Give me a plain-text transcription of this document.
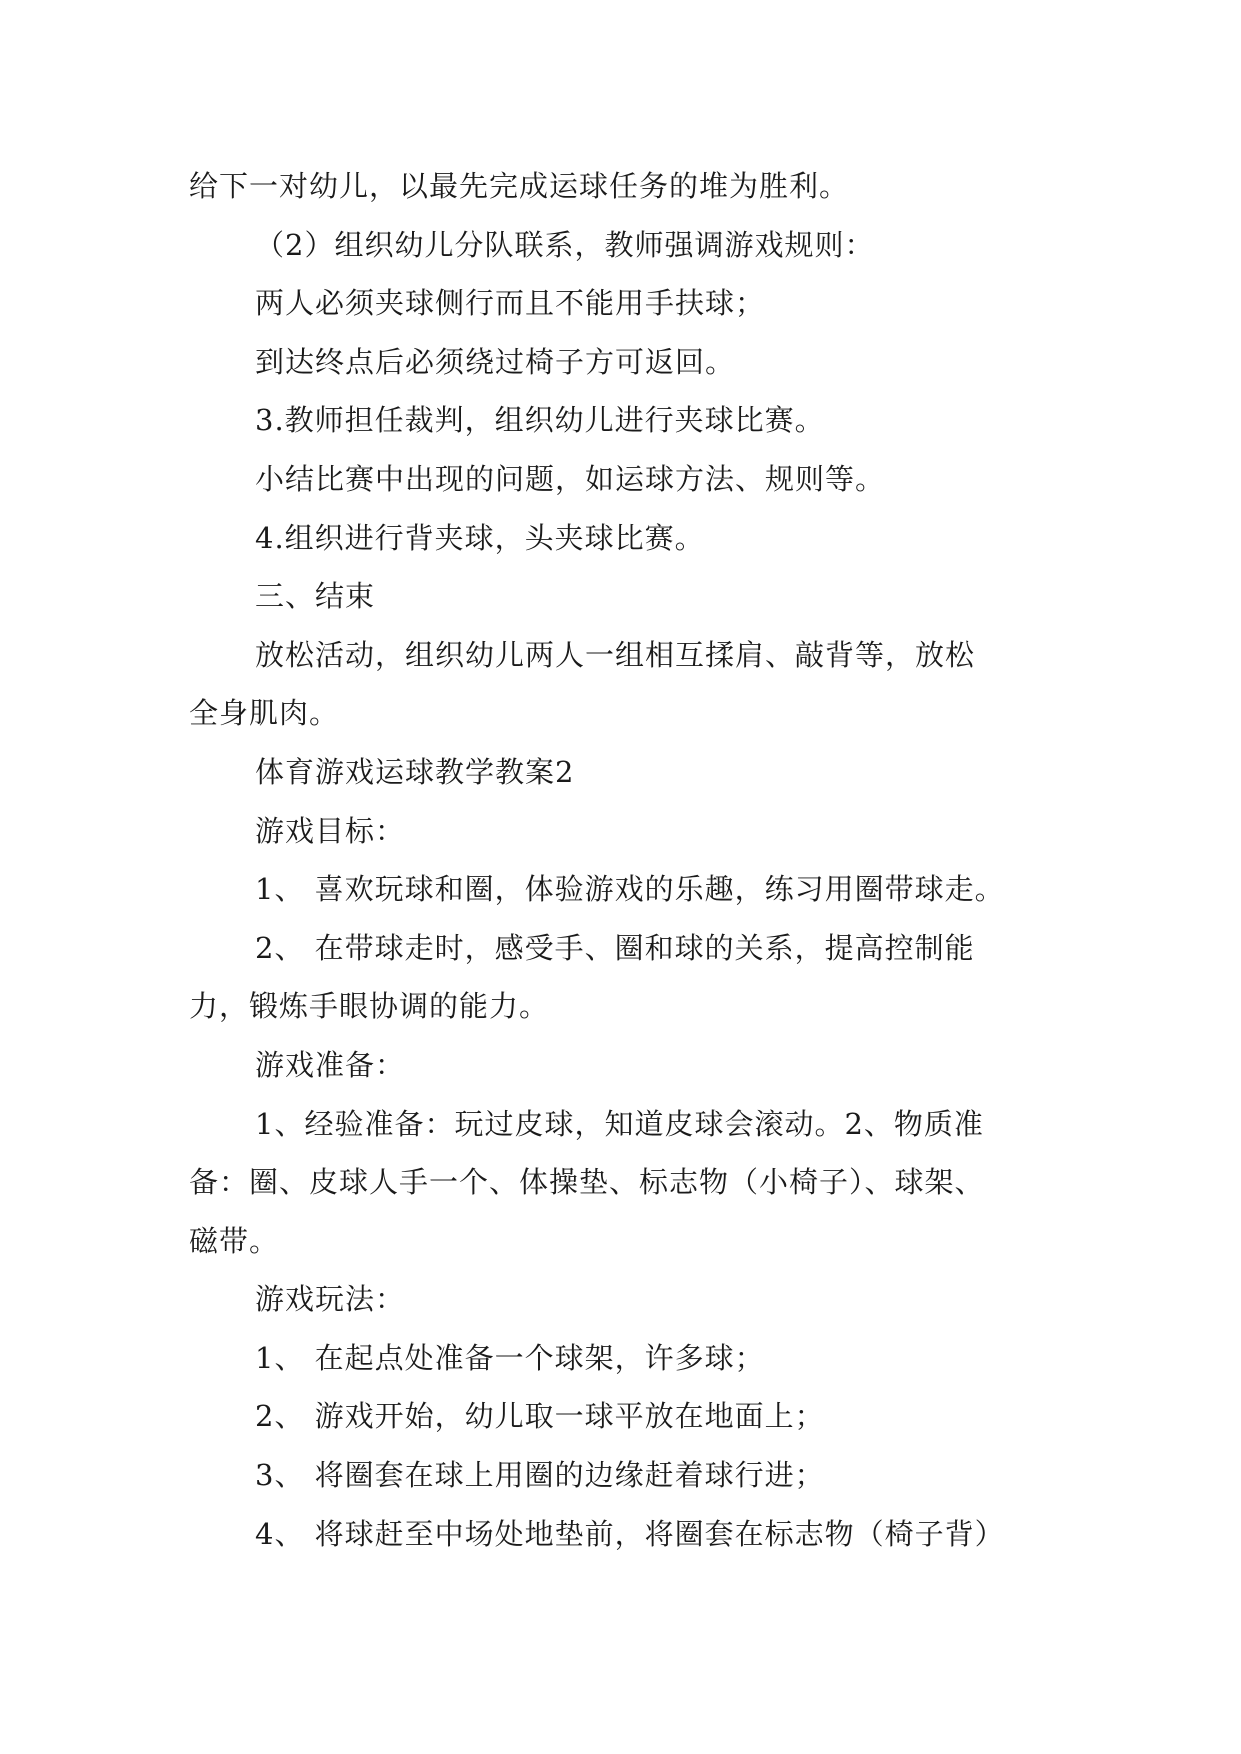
给下一对幼儿，以最先完成运球任务的堆为胜利。
（2）组织幼儿分队联系，教师强调游戏规则：
两人必须夹球侧行而且不能用手扶球；
到达终点后必须绕过椅子方可返回。
3.教师担任裁判，组织幼儿进行夹球比赛。
小结比赛中出现的问题，如运球方法、规则等。
4.组织进行背夹球，头夹球比赛。
三、结束
放松活动，组织幼儿两人一组相互揉肩、敲背等，放松
全身肌肉。
体育游戏运球教学教案2
游戏目标：
1、 喜欢玩球和圈，体验游戏的乐趣，练习用圈带球走。
2、 在带球走时，感受手、圈和球的关系，提高控制能
力，锻炼手眼协调的能力。
游戏准备：
1、经验准备：玩过皮球，知道皮球会滚动。2、物质准
备：圈、皮球人手一个、体操垫、标志物（小椅子）、球架、
磁带。
游戏玩法：
1、 在起点处准备一个球架，许多球；
2、 游戏开始，幼儿取一球平放在地面上；
3、 将圈套在球上用圈的边缘赶着球行进；
4、 将球赶至中场处地垫前，将圈套在标志物（椅子背）
